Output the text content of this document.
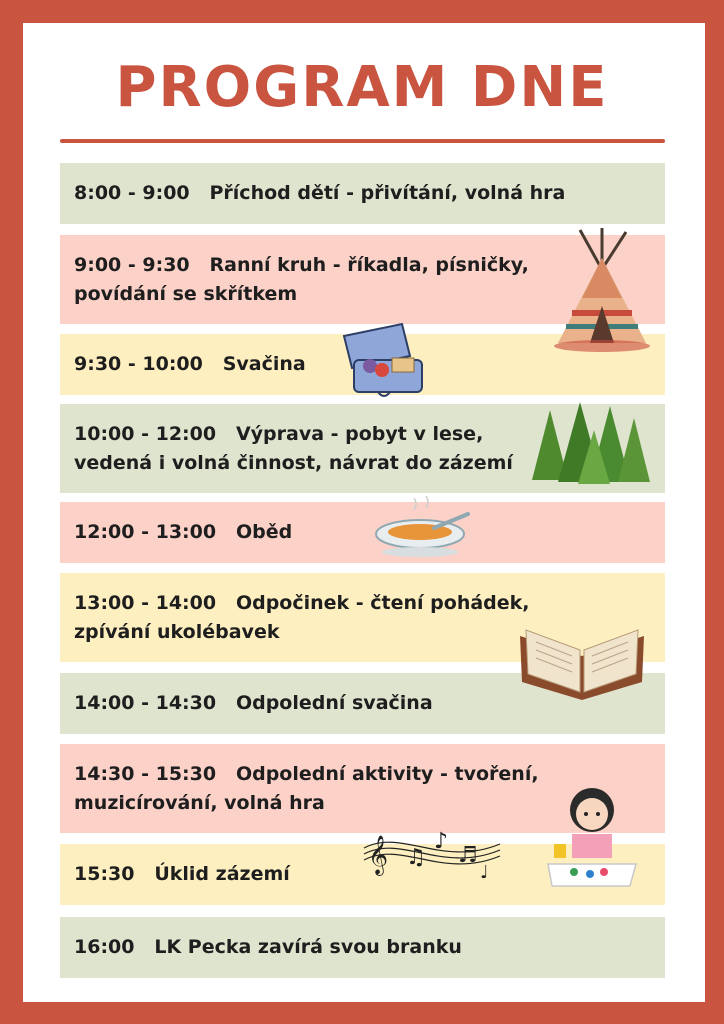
PROGRAM DNE
8:00 - 9:00 Příchod dětí - přivítání, volná hra
9:00 - 9:30 Ranní kruh - říkadla, písničky,
povídání se skřítkem
9:30 - 10:00 Svačina
10:00 - 12:00 Výprava - pobyt v lese,
vedená i volná činnost, návrat do zázemí
12:00 - 13:00 Oběd
13:00 - 14:00 Odpočinek - čtení pohádek,
zpívání ukolébavek
14:00 - 14:30 Odpolední svačina
14:30 - 15:30 Odpolední aktivity - tvoření,
muzicírování, volná hra
15:30 Úklid zázemí
16:00 LK Pecka zavírá svou branku
𝄞 ♫
♪
♬
♩
